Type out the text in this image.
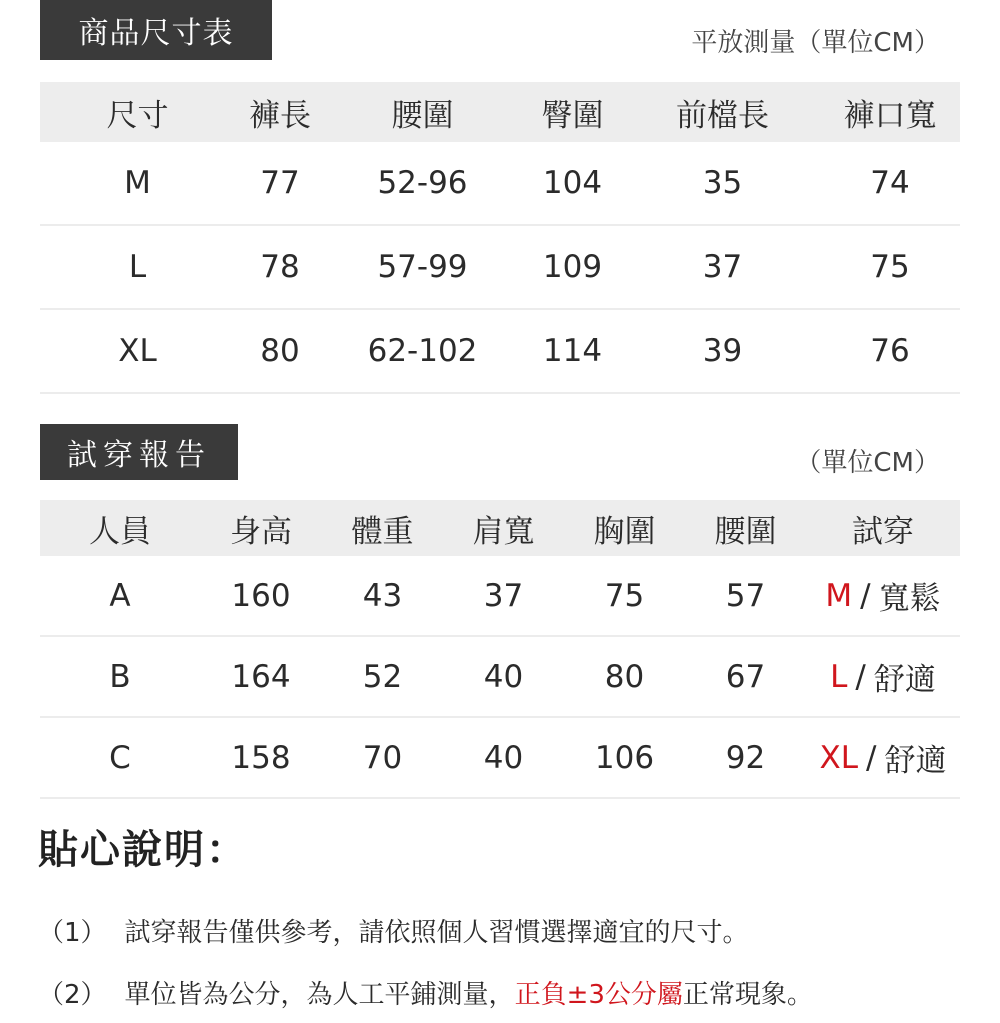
商品尺寸表	平放測量（單位CM）
尺寸	褲長	腰圍	臀圍	前檔長	褲口寬
M	77	52-96	104	35	74
L	78	57-99	109	37	75
XL	80	62-102	114	39	76
試穿報告	（單位CM）
人員	身高	體重	肩寬	胸圍	腰圍	試穿
A	160	43	37	75	57	M / 寬鬆
B	164	52	40	80	67	L / 舒適
C	158	70	40	106	92	XL / 舒適
貼心說明：
（1） 試穿報告僅供參考，請依照個人習慣選擇適宜的尺寸。
（2） 單位皆為公分，為人工平鋪測量， 正負±3公分屬 正常現象。
